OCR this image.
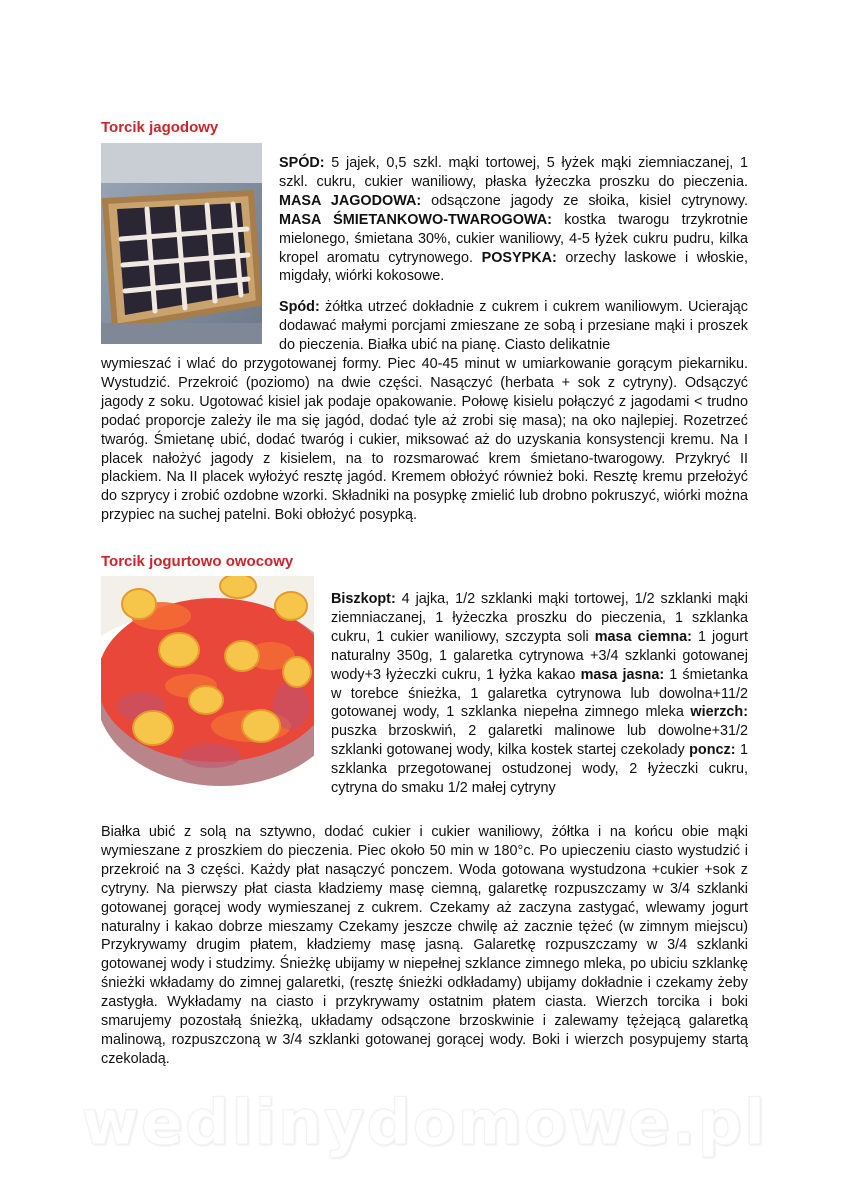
Torcik jagodowy

SPÓD: 5 jajek, 0,5 szkl. mąki tortowej, 5 łyżek mąki ziemniaczanej, 1 szkl. cukru, cukier waniliowy, płaska łyżeczka proszku do pieczenia. MASA JAGODOWA: odsączone jagody ze słoika, kisiel cytrynowy. MASA ŚMIETANKOWO-TWAROGOWA: kostka twarogu trzykrotnie mielonego, śmietana 30%, cukier waniliowy, 4-5 łyżek cukru pudru, kilka kropel aromatu cytrynowego. POSYPKA: orzechy laskowe i włoskie, migdały, wiórki kokosowe.

Spód: żółtka utrzeć dokładnie z cukrem i cukrem waniliowym. Ucierając dodawać małymi porcjami zmieszane ze sobą i przesiane mąki i proszek do pieczenia. Białka ubić na pianę. Ciasto delikatnie

wymieszać i wlać do przygotowanej formy. Piec 40-45 minut w umiarkowanie gorącym piekarniku. Wystudzić. Przekroić (poziomo) na dwie części. Nasączyć (herbata + sok z cytryny). Odsączyć jagody z soku. Ugotować kisiel jak podaje opakowanie. Połowę kisielu połączyć z jagodami < trudno podać proporcje zależy ile ma się jagód, dodać tyle aż zrobi się masa); na oko najlepiej. Rozetrzeć twaróg. Śmietanę ubić, dodać twaróg i cukier, miksować aż do uzyskania konsystencji kremu. Na I placek nałożyć jagody z kisielem, na to rozsmarować krem śmietano-twarogowy. Przykryć II plackiem. Na II placek wyłożyć resztę jagód. Kremem obłożyć również boki. Resztę kremu przełożyć do szprycy i zrobić ozdobne wzorki. Składniki na posypkę zmielić lub drobno pokruszyć, wiórki można przypiec na suchej patelni. Boki obłożyć posypką.

Torcik jogurtowo owocowy

Biszkopt: 4 jajka, 1/2 szklanki mąki tortowej, 1/2 szklanki mąki ziemniaczanej, 1 łyżeczka proszku do pieczenia, 1 szklanka cukru, 1 cukier waniliowy, szczypta soli masa ciemna: 1 jogurt naturalny 350g, 1 galaretka cytrynowa +3/4 szklanki gotowanej wody+3 łyżeczki cukru, 1 łyżka kakao masa jasna: 1 śmietanka w torebce śnieżka, 1 galaretka cytrynowa lub dowolna+11/2 gotowanej wody, 1 szklanka niepełna zimnego mleka wierzch: puszka brzoskwiń, 2 galaretki malinowe lub dowolne+31/2 szklanki gotowanej wody, kilka kostek startej czekolady poncz: 1 szklanka przegotowanej ostudzonej wody, 2 łyżeczki cukru, cytryna do smaku 1/2 małej cytryny

Białka ubić z solą na sztywno, dodać cukier i cukier waniliowy, żółtka i na końcu obie mąki wymieszane z proszkiem do pieczenia. Piec około 50 min w 180°c. Po upieczeniu ciasto wystudzić i przekroić na 3 części. Każdy płat nasączyć ponczem. Woda gotowana wystudzona +cukier +sok z cytryny. Na pierwszy płat ciasta kładziemy masę ciemną, galaretkę rozpuszczamy w 3/4 szklanki gotowanej gorącej wody wymieszanej z cukrem. Czekamy aż zaczyna zastygać, wlewamy jogurt naturalny i kakao dobrze mieszamy Czekamy jeszcze chwilę aż zacznie tężeć (w zimnym miejscu) Przykrywamy drugim płatem, kładziemy masę jasną. Galaretkę rozpuszczamy w 3/4 szklanki gotowanej wody i studzimy. Śnieżkę ubijamy w niepełnej szklance zimnego mleka, po ubiciu szklankę śnieżki wkładamy do zimnej galaretki, (resztę śnieżki odkładamy) ubijamy dokładnie i czekamy żeby zastygła. Wykładamy na ciasto i przykrywamy ostatnim płatem ciasta. Wierzch torcika i boki smarujemy pozostałą śnieżką, układamy odsączone brzoskwinie i zalewamy tężejącą galaretką malinową, rozpuszczoną w 3/4 szklanki gotowanej gorącej wody. Boki i wierzch posypujemy startą czekoladą.

wedlinydomowe.pl
